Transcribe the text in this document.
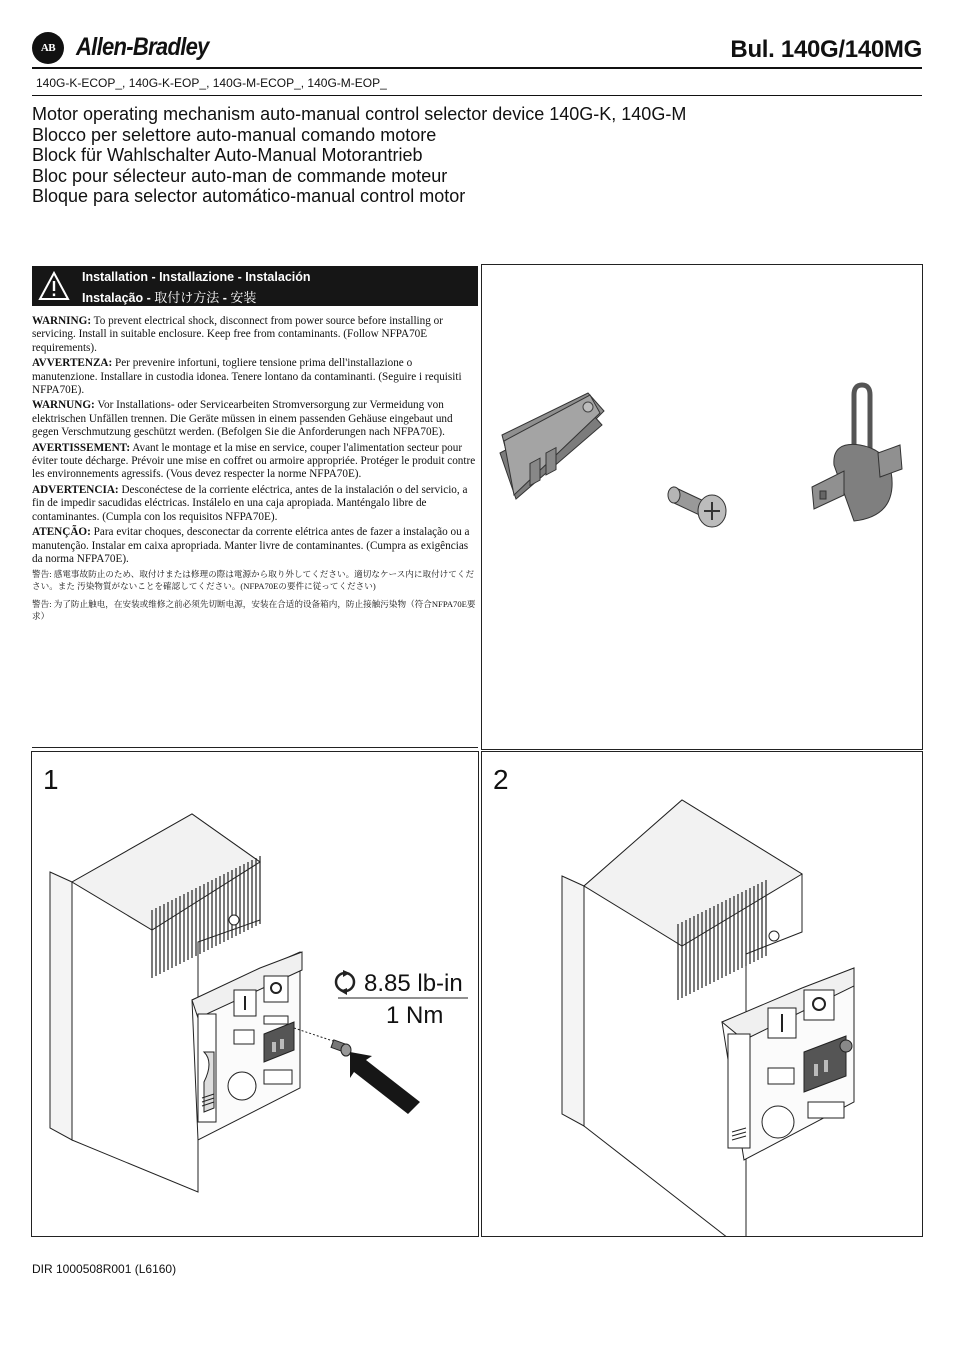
AB Allen-Bradley	Bul. 140G/140MG
140G-K-ECOP_, 140G-K-EOP_, 140G-M-ECOP_, 140G-M-EOP_
Motor operating mechanism auto-manual control selector device 140G-K, 140G-M
Blocco per selettore auto-manual comando motore
Block für Wahlschalter Auto-Manual Motorantrieb
Bloc pour sélecteur auto-man de commande moteur
Bloque para selector automático-manual control motor
Installation - Installazione - Instalación
Instalação - 取付け方法 - 安装

WARNING: To prevent electrical shock, disconnect from power source before installing or servicing. Install in suitable enclosure. Keep free from contaminants. (Follow NFPA70E requirements).

AVVERTENZA: Per prevenire infortuni, togliere tensione prima dell'installazione o manutenzione. Installare in custodia idonea. Tenere lontano da contaminanti. (Seguire i requisiti NFPA70E).

WARNUNG: Vor Installations- oder Servicearbeiten Stromversorgung zur Vermeidung von elektrischen Unfällen trennen. Die Geräte müssen in einem passenden Gehäuse eingebaut und gegen Verschmutzung geschützt werden. (Befolgen Sie die Anforderungen nach NFPA70E).

AVERTISSEMENT: Avant le montage et la mise en service, couper l'alimentation secteur pour éviter toute décharge. Prévoir une mise en coffret ou armoire appropriée. Protéger le produit contre les environnements agressifs. (Vous devez respecter la norme NFPA70E).

ADVERTENCIA: Desconéctese de la corriente eléctrica, antes de la instalación o del servicio, a fin de impedir sacudidas eléctricas. Instálelo en una caja apropiada. Manténgalo libre de contaminantes. (Cumpla con los requisitos NFPA70E).

ATENÇÃO: Para evitar choques, desconectar da corrente elétrica antes de fazer a instalação ou a manutenção. Instalar em caixa apropriada. Manter livre de contaminantes. (Cumpra as exigências da norma NFPA70E).

警告: 感電事故防止のため、取付けまたは修理の際は電源から取り外してください。適切なケース内に取付けてください。また 汚染物質がないことを確認してください。(NFPA70Eの要件に従ってください)

警告: 为了防止触电，在安装或维修之前必须先切断电源，安装在合适的设备箱内，防止接触污染物（符合NFPA70E要求）

1
8.85 lb-in
1 Nm
2
DIR 1000508R001 (L6160)
